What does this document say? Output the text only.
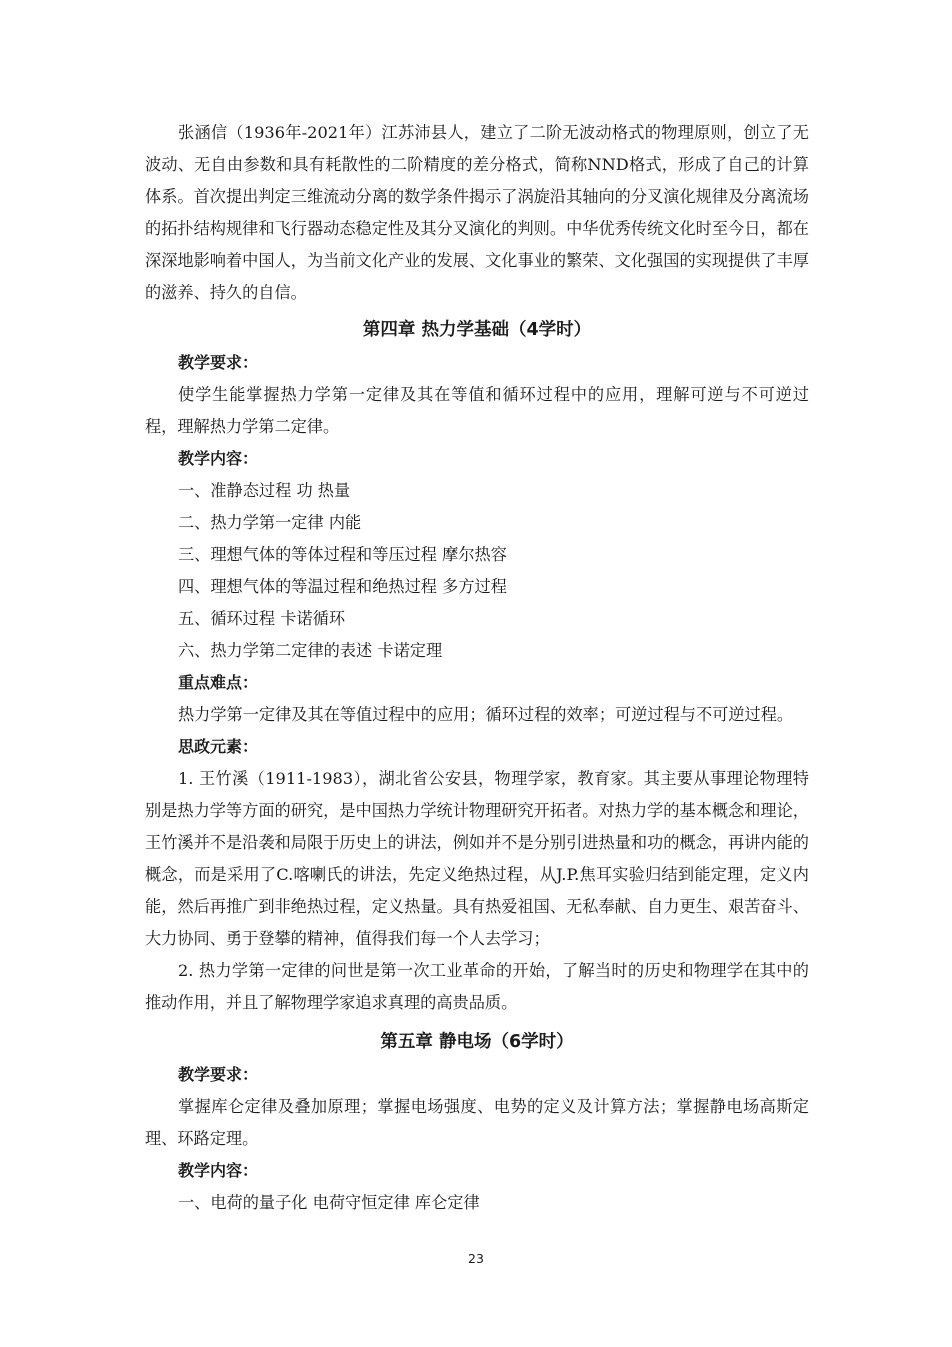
张涵信（1936年-2021年）江苏沛县人，建立了二阶无波动格式的物理原则，创立了无波动、无自由参数和具有耗散性的二阶精度的差分格式，简称NND格式，形成了自己的计算体系。首次提出判定三维流动分离的数学条件揭示了涡旋沿其轴向的分叉演化规律及分离流场的拓扑结构规律和飞行器动态稳定性及其分叉演化的判则。中华优秀传统文化时至今日，都在深深地影响着中国人，为当前文化产业的发展、文化事业的繁荣、文化强国的实现提供了丰厚的滋养、持久的自信。

第四章 热力学基础（4学时）

教学要求：

使学生能掌握热力学第一定律及其在等值和循环过程中的应用，理解可逆与不可逆过程，理解热力学第二定律。

教学内容：

一、准静态过程 功 热量

二、热力学第一定律 内能

三、理想气体的等体过程和等压过程 摩尔热容

四、理想气体的等温过程和绝热过程 多方过程

五、循环过程 卡诺循环

六、热力学第二定律的表述 卡诺定理

重点难点：

热力学第一定律及其在等值过程中的应用；循环过程的效率；可逆过程与不可逆过程。

思政元素：

1. 王竹溪（1911-1983），湖北省公安县，物理学家，教育家。其主要从事理论物理特别是热力学等方面的研究，是中国热力学统计物理研究开拓者。对热力学的基本概念和理论，王竹溪并不是沿袭和局限于历史上的讲法，例如并不是分别引进热量和功的概念，再讲内能的概念，而是采用了C.喀喇氏的讲法，先定义绝热过程，从J.P.焦耳实验归结到能定理，定义内能，然后再推广到非绝热过程，定义热量。具有热爱祖国、无私奉献、自力更生、艰苦奋斗、大力协同、勇于登攀的精神，值得我们每一个人去学习；

2. 热力学第一定律的问世是第一次工业革命的开始，了解当时的历史和物理学在其中的推动作用，并且了解物理学家追求真理的高贵品质。

第五章 静电场（6学时）

教学要求：

掌握库仑定律及叠加原理；掌握电场强度、电势的定义及计算方法；掌握静电场高斯定理、环路定理。

教学内容：

一、电荷的量子化 电荷守恒定律 库仑定律

23
